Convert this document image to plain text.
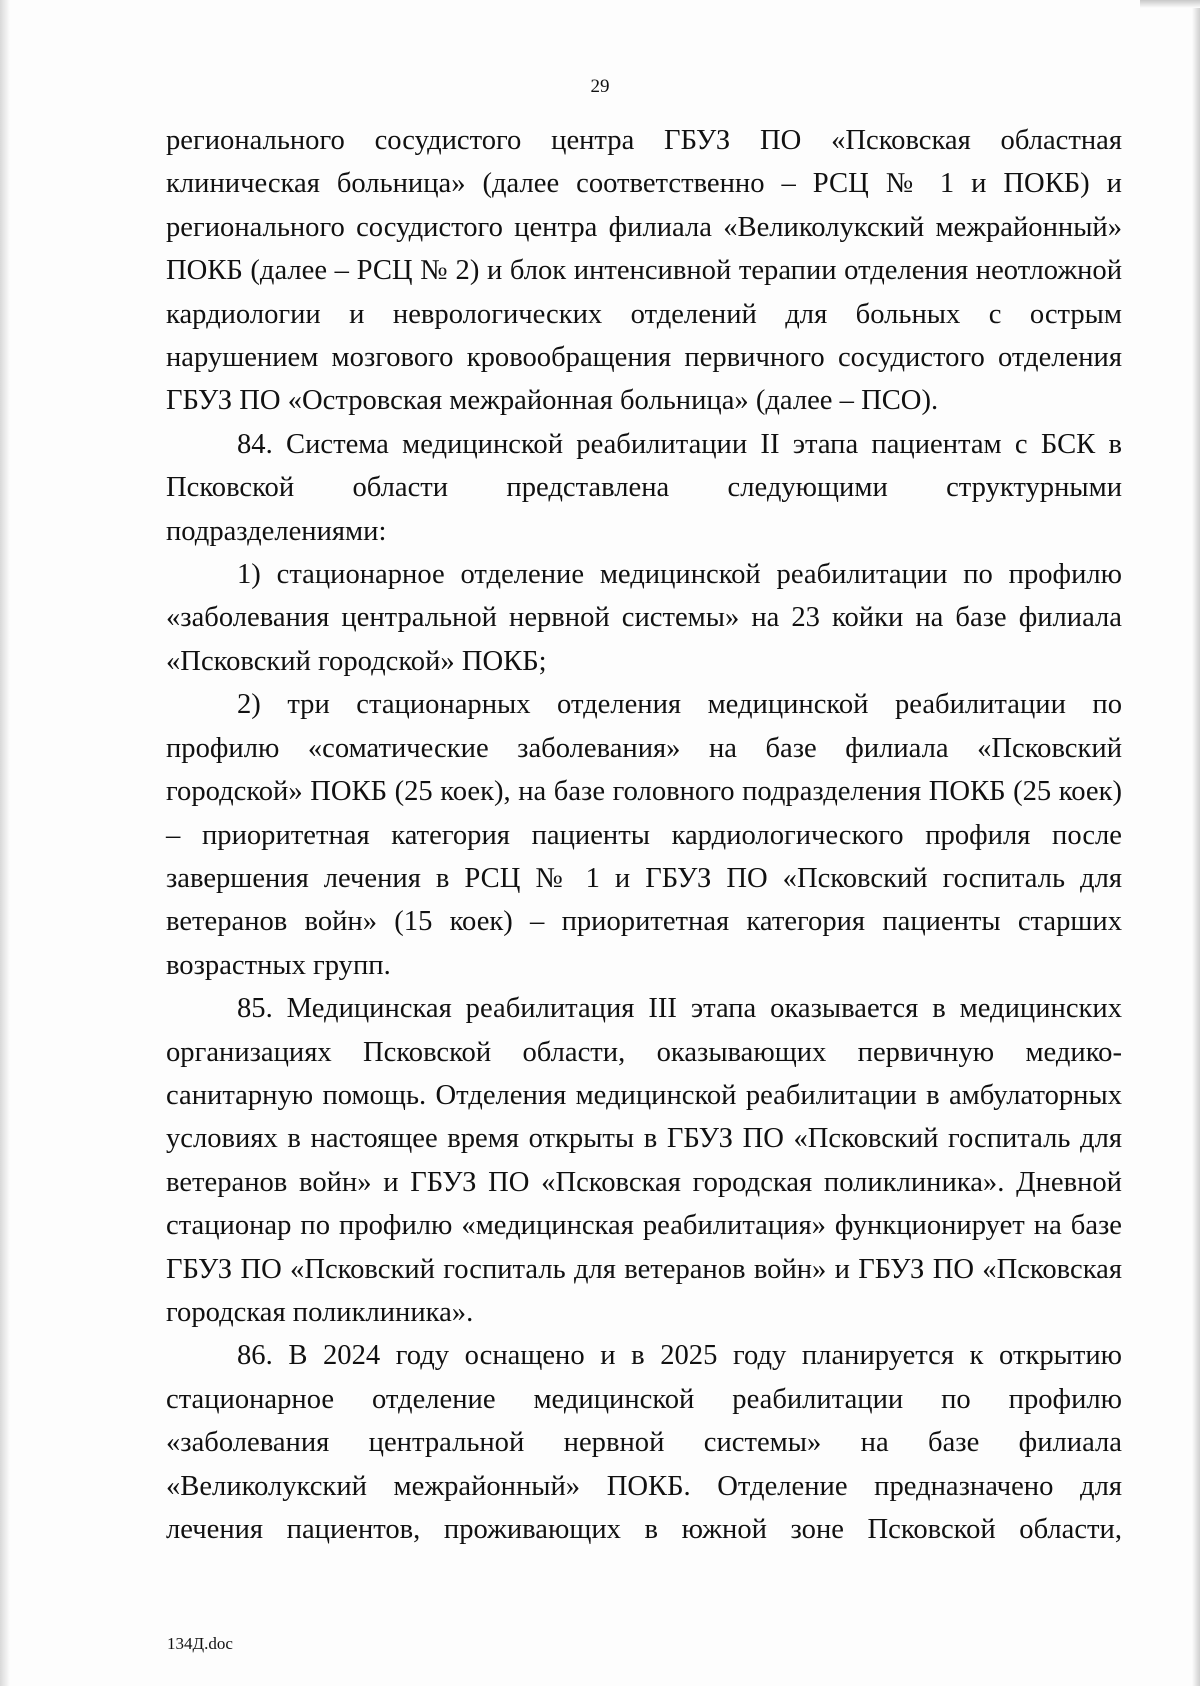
29

регионального сосудистого центра ГБУЗ ПО «Псковская областная клиническая больница» (далее соответственно – РСЦ № 1 и ПОКБ) и регионального сосудистого центра филиала «Великолукский межрайонный» ПОКБ (далее – РСЦ № 2) и блок интенсивной терапии отделения неотложной кардиологии и неврологических отделений для больных с острым нарушением мозгового кровообращения первичного сосудистого отделения ГБУЗ ПО «Островская межрайонная больница» (далее – ПСО).

84. Система медицинской реабилитации II этапа пациентам с БСК в Псковской области представлена следующими структурными подразделениями:

1) стационарное отделение медицинской реабилитации по профилю «заболевания центральной нервной системы» на 23 койки на базе филиала «Псковский городской» ПОКБ;

2) три стационарных отделения медицинской реабилитации по профилю «соматические заболевания» на базе филиала «Псковский городской» ПОКБ (25 коек), на базе головного подразделения ПОКБ (25 коек) – приоритетная категория пациенты кардиологического профиля после завершения лечения в РСЦ № 1 и ГБУЗ ПО «Псковский госпиталь для ветеранов войн» (15 коек) – приоритетная категория пациенты старших возрастных групп.

85. Медицинская реабилитация III этапа оказывается в медицинских организациях Псковской области, оказывающих первичную медико-санитарную помощь. Отделения медицинской реабилитации в амбулаторных условиях в настоящее время открыты в ГБУЗ ПО «Псковский госпиталь для ветеранов войн» и ГБУЗ ПО «Псковская городская поликлиника». Дневной стационар по профилю «медицинская реабилитация» функционирует на базе ГБУЗ ПО «Псковский госпиталь для ветеранов войн» и ГБУЗ ПО «Псковская городская поликлиника».

86. В 2024 году оснащено и в 2025 году планируется к открытию стационарное отделение медицинской реабилитации по профилю «заболевания центральной нервной системы» на базе филиала «Великолукский межрайонный» ПОКБ. Отделение предназначено для лечения пациентов, проживающих в южной зоне Псковской области,

134Д.doc
